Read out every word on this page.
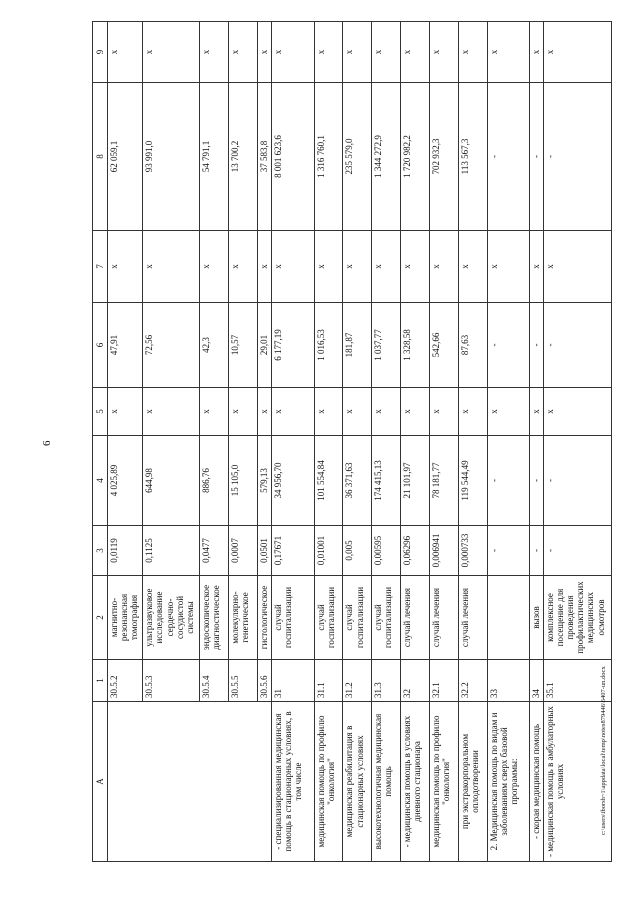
6
А	1	2	3	4	5	6	7	8	9
	30.5.2	магнитно-резонансная томография	0,0119	4 025,89	х	47,91	х	62 059,1	х
	30.5.3	ультразвуковое исследование сердечно-сосудистой системы	0,1125	644,98	х	72,56	х	93 991,0	х
	30.5.4	эндоскопическое диагностическое	0,0477	886,76	х	42,3	х	54 791,1	х
	30.5.5	молекулярно-генетическое	0,0007	15 105,0	х	10,57	х	13 700,2	х
	30.5.6	гистологическое	0,0501	579,13	х	29,01	х	37 583,8	х
- специализированная медицинская помощь в стационарных условиях, в том числе	31	случай госпитализации	0,17671	34 956,70	х	6 177,19	х	8 001 623,6	х
медицинская помощь по профилю "онкология"	31.1	случай госпитализации	0,01001	101 554,84	х	1 016,53	х	1 316 760,1	х
медицинская реабилитация в стационарных условиях	31.2	случай госпитализации	0,005	36 371,63	х	181,87	х	235 579,0	х
высокотехнологичная медицинская помощь	31.3	случай госпитализации	0,00595	174 415,13	х	1 037,77	х	1 344 272,9	х
- медицинская помощь в условиях дневного стационара	32	случай лечения	0,06296	21 101,97	х	1 328,58	х	1 720 982,2	х
медицинская помощь по профилю "онкология"	32.1	случай лечения	0,006941	78 181,77	х	542,66	х	702 932,3	х
при экстракорпоральном оплодотворении	32.2	случай лечения	0,000733	119 544,49	х	87,63	х	113 567,3	х
2. Медицинская помощь по видам и заболеваниям сверх базовой программы:	33		-	-	х	-	х	-	х
- скорая медицинская помощь	34	вызов	-	-	х	-	х	-	х
- медицинская помощь в амбулаторных условиях	35.1	комплексное посещение для проведения профилактических медицинских осмотров	-	-	х	-	х	-	х
c:\users\iborsh~1\appdata\local\temp\notes879446\6407-un.docx
